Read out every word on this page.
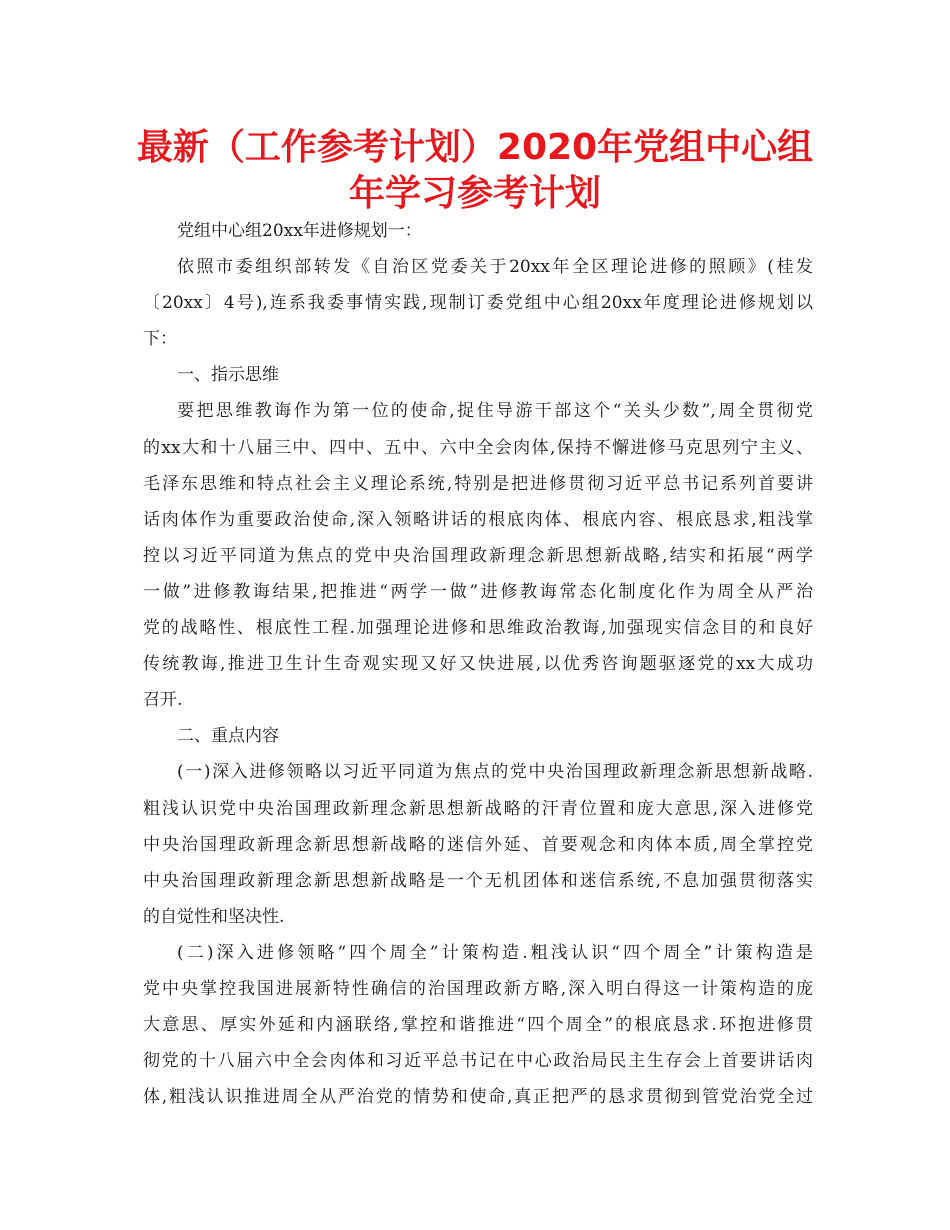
最新（工作参考计划）2020年党组中心组
年学习参考计划
党组中心组20xx年进修规划一：
依照市委组织部转发《自治区党委关于20xx年全区理论进修的照顾》(桂发
〔20xx〕4号),连系我委事情实践,现制订委党组中心组20xx年度理论进修规划以
下：
一、指示思维
要把思维教诲作为第一位的使命,捉住导游干部这个“关头少数”,周全贯彻党
的xx大和十八届三中、四中、五中、六中全会肉体,保持不懈进修马克思列宁主义、
毛泽东思维和特点社会主义理论系统,特别是把进修贯彻习近平总书记系列首要讲
话肉体作为重要政治使命,深入领略讲话的根底肉体、根底内容、根底恳求,粗浅掌
控以习近平同道为焦点的党中央治国理政新理念新思想新战略,结实和拓展“两学
一做”进修教诲结果,把推进“两学一做”进修教诲常态化制度化作为周全从严治
党的战略性、根底性工程.加强理论进修和思维政治教诲,加强现实信念目的和良好
传统教诲,推进卫生计生奇观实现又好又快进展,以优秀咨询题驱逐党的xx大成功
召开.
二、重点内容
(一)深入进修领略以习近平同道为焦点的党中央治国理政新理念新思想新战略.
粗浅认识党中央治国理政新理念新思想新战略的汗青位置和庞大意思,深入进修党
中央治国理政新理念新思想新战略的迷信外延、首要观念和肉体本质,周全掌控党
中央治国理政新理念新思想新战略是一个无机团体和迷信系统,不息加强贯彻落实
的自觉性和坚决性.
(二)深入进修领略“四个周全”计策构造.粗浅认识“四个周全”计策构造是
党中央掌控我国进展新特性确信的治国理政新方略,深入明白得这一计策构造的庞
大意思、厚实外延和内涵联络,掌控和谐推进“四个周全”的根底恳求.环抱进修贯
彻党的十八届六中全会肉体和习近平总书记在中心政治局民主生存会上首要讲话肉
体,粗浅认识推进周全从严治党的情势和使命,真正把严的恳求贯彻到管党治党全过
